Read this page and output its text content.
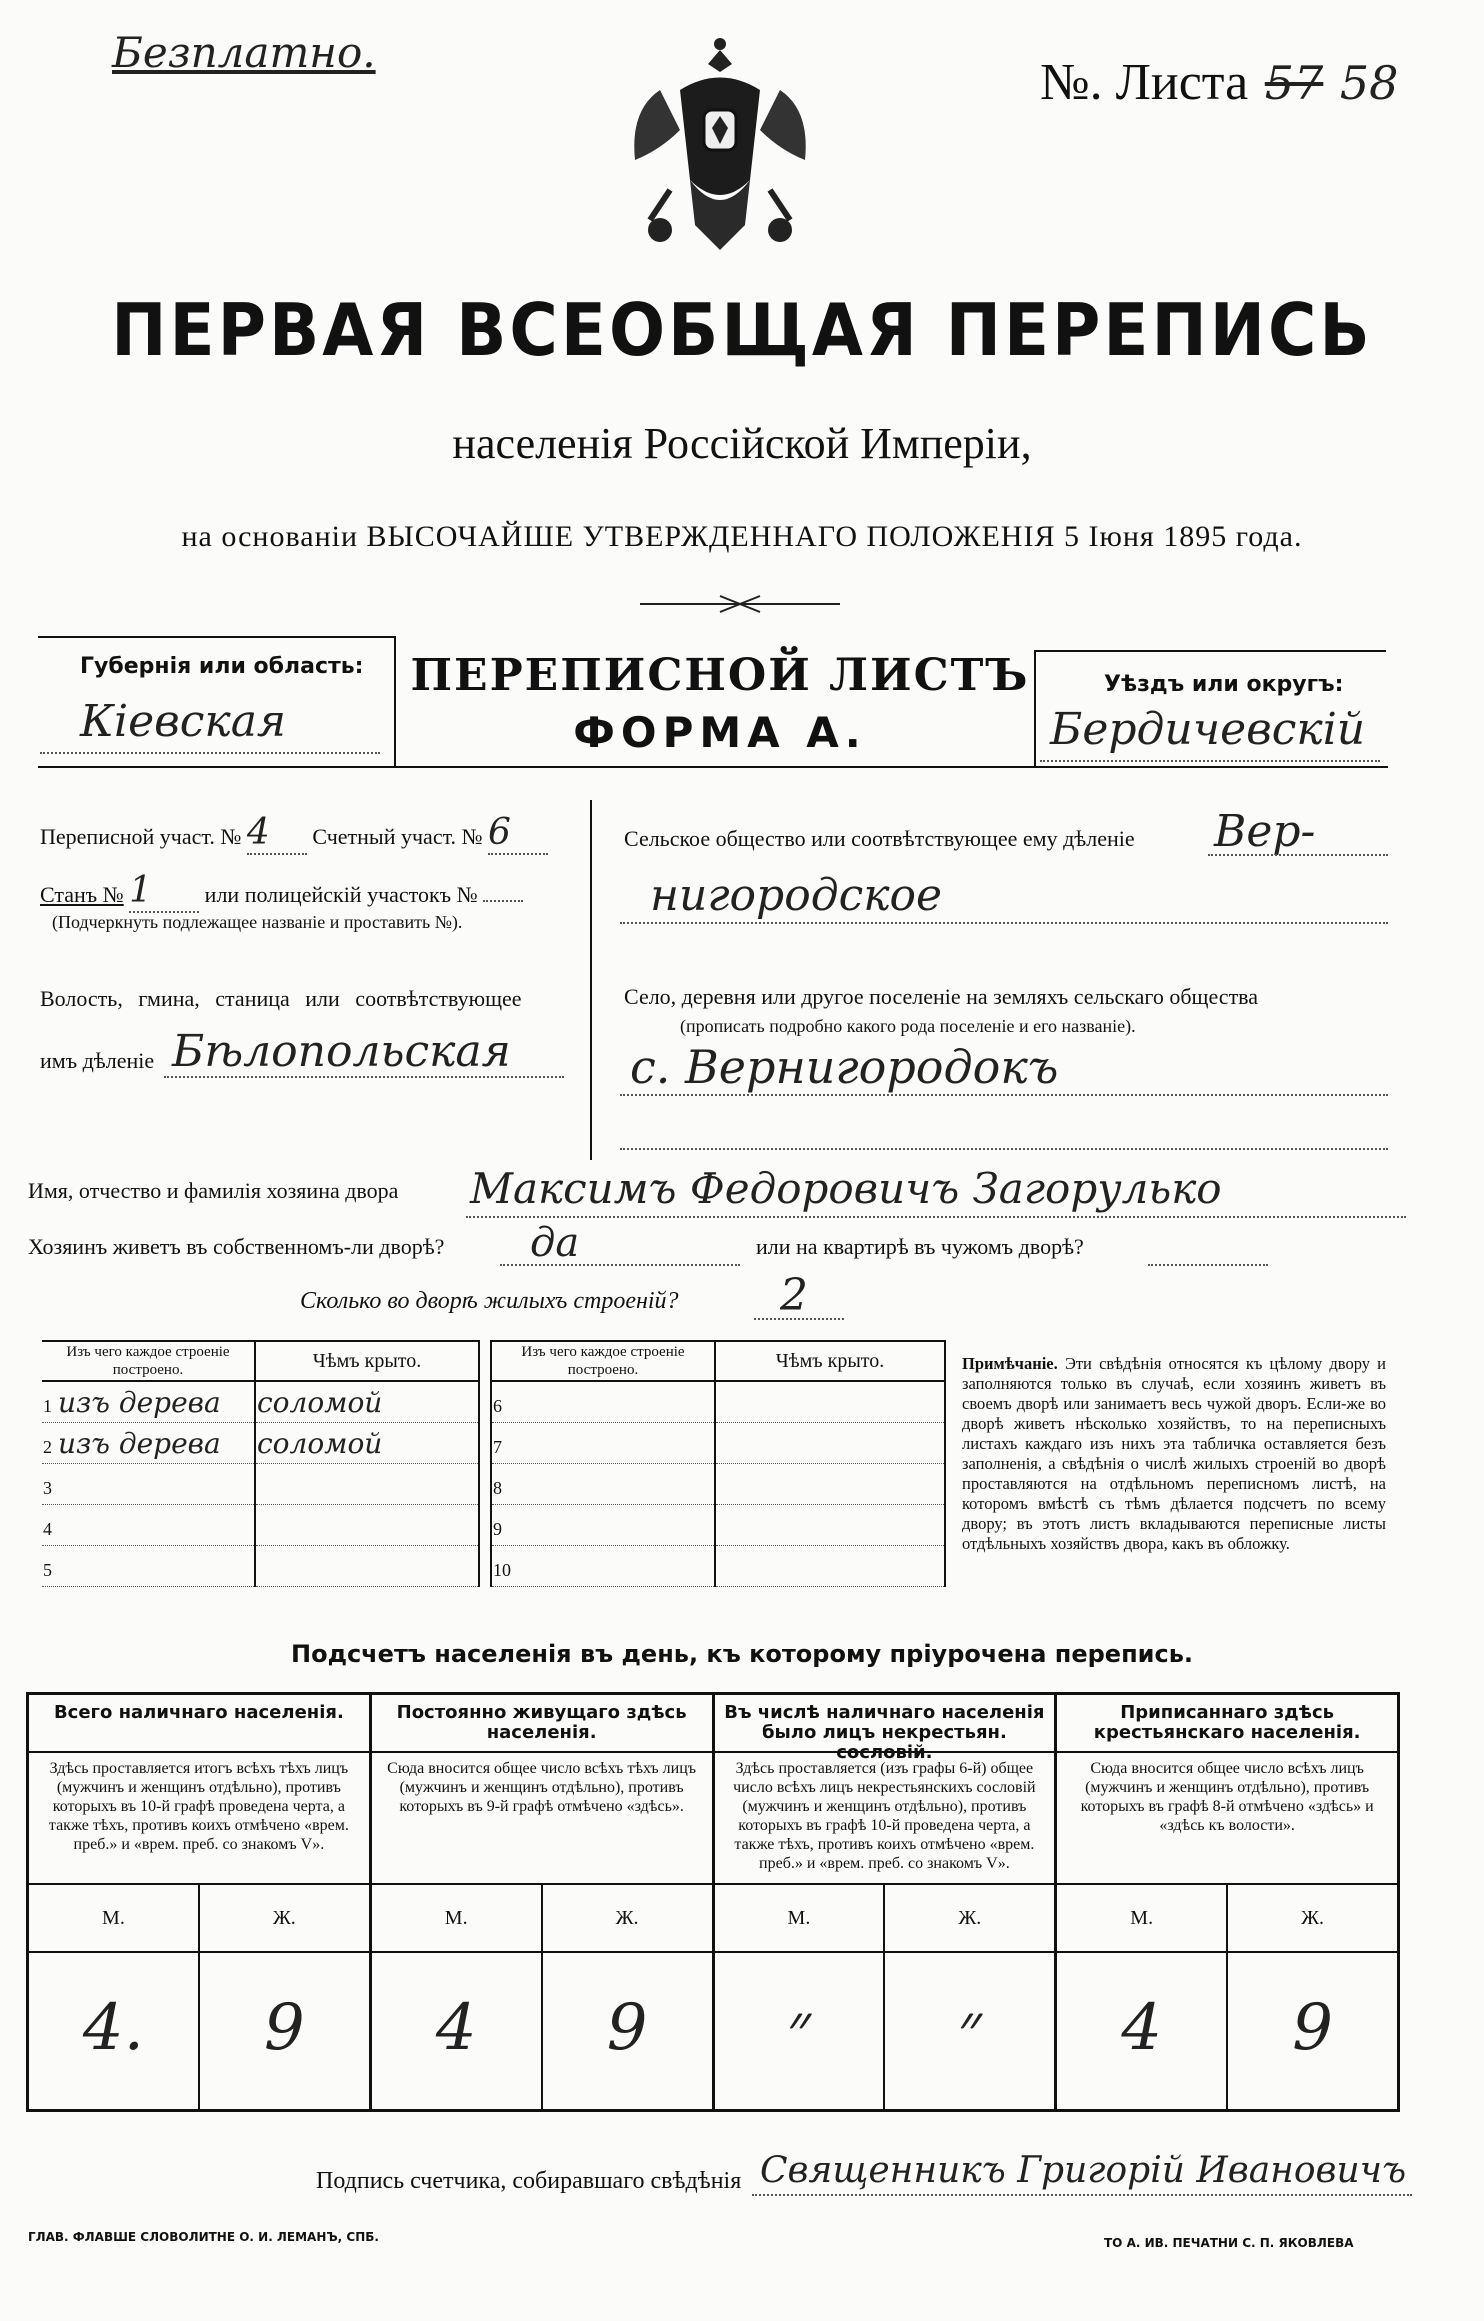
Безплатно.
№. Листа 57 58
ПЕРВАЯ ВСЕОБЩАЯ ПЕРЕПИСЬ
населенія Россійской Имперіи,
на основаніи ВЫСОЧАЙШЕ УТВЕРЖДЕННАГО ПОЛОЖЕНІЯ 5 Іюня 1895 года.
Губернія или область:
Кіевская
ПЕРЕПИСНОЙ ЛИСТЪ
ФОРМА А.
Уѣздъ или округъ:
Бердичевскій
Переписной участ. № 4 Счетный участ. № 6
Станъ № 1 или полицейскій участокъ №
(Подчеркнуть подлежащее названіе и проставить №).
Волость, гмина, станица или соотвѣтствующее
имъ дѣленіе Бѣлопольская
Сельское общество или соотвѣтствующее ему дѣленіе Вер-
нигородское
Село, деревня или другое поселеніе на земляхъ сельскаго общества
(прописать подробно какого рода поселеніе и его названіе).
с. Вернигородокъ
Имя, отчество и фамилія хозяина двора Максимъ Федоровичъ Загорулько
Хозяинъ живетъ въ собственномъ-ли дворѣ? да	или на квартирѣ въ чужомъ дворѣ?
Сколько во дворѣ жилыхъ строеній? 2
Изъ чего каждое строеніе построено.	Чѣмъ крыто.
1 изъ дерева	соломой
2 изъ дерева	соломой
3	
4	
5	
Изъ чего каждое строеніе построено.	Чѣмъ крыто.
6	
7	
8	
9	
10	
Примѣчаніе. Эти свѣдѣнія относятся къ цѣлому двору и заполняются только въ случаѣ, если хозяинъ живетъ въ своемъ дворѣ или занимаетъ весь чужой дворъ. Если-же во дворѣ живетъ нѣсколько хозяйствъ, то на переписныхъ листахъ каждаго изъ нихъ эта табличка оставляется безъ заполненія, а свѣдѣнія о числѣ жилыхъ строеній во дворѣ проставляются на отдѣльномъ переписномъ листѣ, на которомъ вмѣстѣ съ тѣмъ дѣлается подсчетъ по всему двору; въ этотъ листъ вкладываются переписные листы отдѣльныхъ хозяйствъ двора, какъ въ обложку.
Подсчетъ населенія въ день, къ которому пріурочена перепись.
Всего наличнаго населенія.
Здѣсь проставляется итогъ всѣхъ тѣхъ лицъ (мужчинъ и женщинъ отдѣльно), противъ которыхъ въ 10-й графѣ проведена черта, а также тѣхъ, противъ коихъ отмѣчено «врем. преб.» и «врем. преб. со знакомъ V».
М.	Ж.
4.	9
Постоянно живущаго здѣсь населенія.
Сюда вносится общее число всѣхъ тѣхъ лицъ (мужчинъ и женщинъ отдѣльно), противъ которыхъ въ 9-й графѣ отмѣчено «здѣсь».
М.	Ж.
4	9
Въ числѣ наличнаго населенія было лицъ некрестьян. сословій.
Здѣсь проставляется (изъ графы 6-й) общее число всѣхъ лицъ некрестьянскихъ сословій (мужчинъ и женщинъ отдѣльно), противъ которыхъ въ графѣ 10-й проведена черта, а также тѣхъ, противъ коихъ отмѣчено «врем. преб.» и «врем. преб. со знакомъ V».
М.	Ж.
״	״
Приписаннаго здѣсь крестьянскаго населенія.
Сюда вносится общее число всѣхъ лицъ (мужчинъ и женщинъ отдѣльно), противъ которыхъ въ графѣ 8-й отмѣчено «здѣсь» и «здѣсь къ волости».
М.	Ж.
4	9
Подпись счетчика, собиравшаго свѣдѣнія Священникъ Григорій Ивановичъ
ГЛАВ. ФЛАВШЕ СЛОВОЛИТНЕ О. И. ЛЕМАНЪ, СПБ.	ТО А. ИВ. ПЕЧАТНИ С. П. ЯКОВЛЕВА
